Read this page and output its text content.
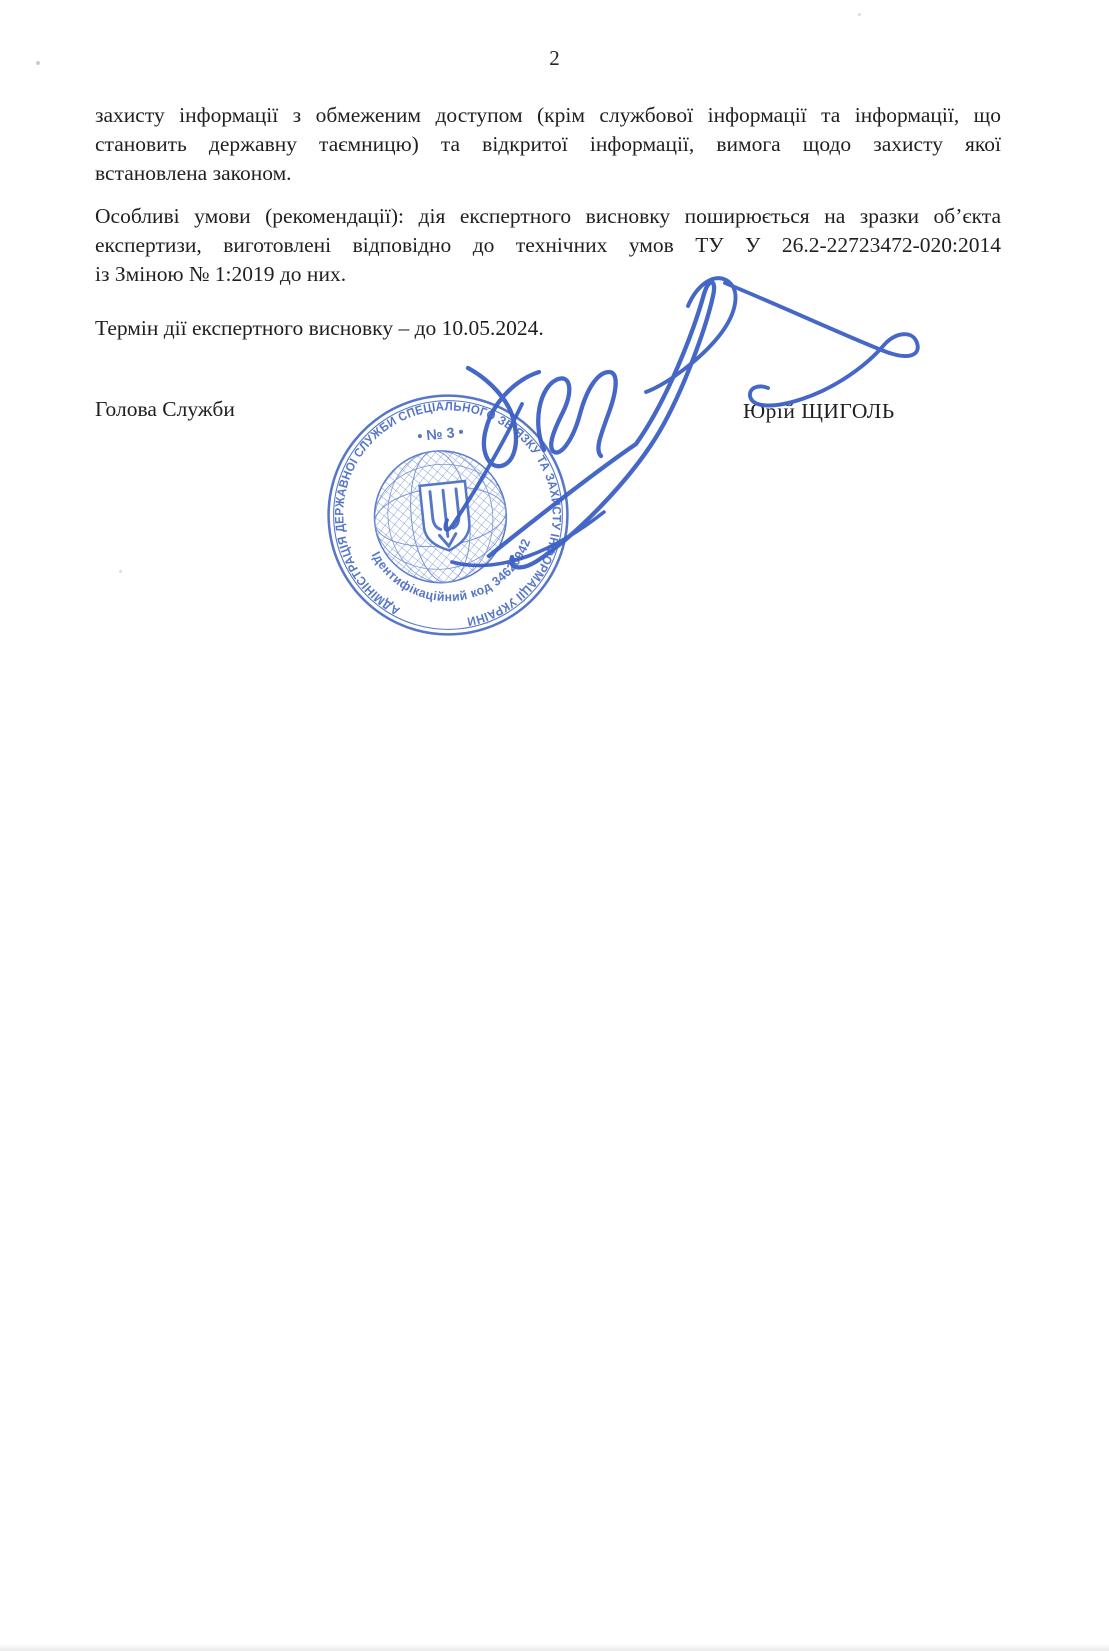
2
захисту інформації з обмеженим доступом (крім службової інформації та інформації, що
становить державну таємницю) та відкритої інформації, вимога щодо захисту якої
встановлена законом.
Особливі умови (рекомендації): дія експертного висновку поширюється на зразки об’єкта
експертизи, виготовлені відповідно до технічних умов ТУ У 26.2-22723472-020:2014
із Зміною № 1:2019 до них.
Термін дії експертного висновку – до 10.05.2024.
Голова Служби	Юрій ЩИГОЛЬ
АДМІНІСТРАЦІЯ ДЕРЖАВНОЇ СЛУЖБИ СПЕЦІАЛЬНОГО ЗВ’ЯЗКУ ТА ЗАХИСТУ ІНФОРМАЦІЇ УКРАЇНИ
• № 3 •
Ідентифікаційний код 34620942
